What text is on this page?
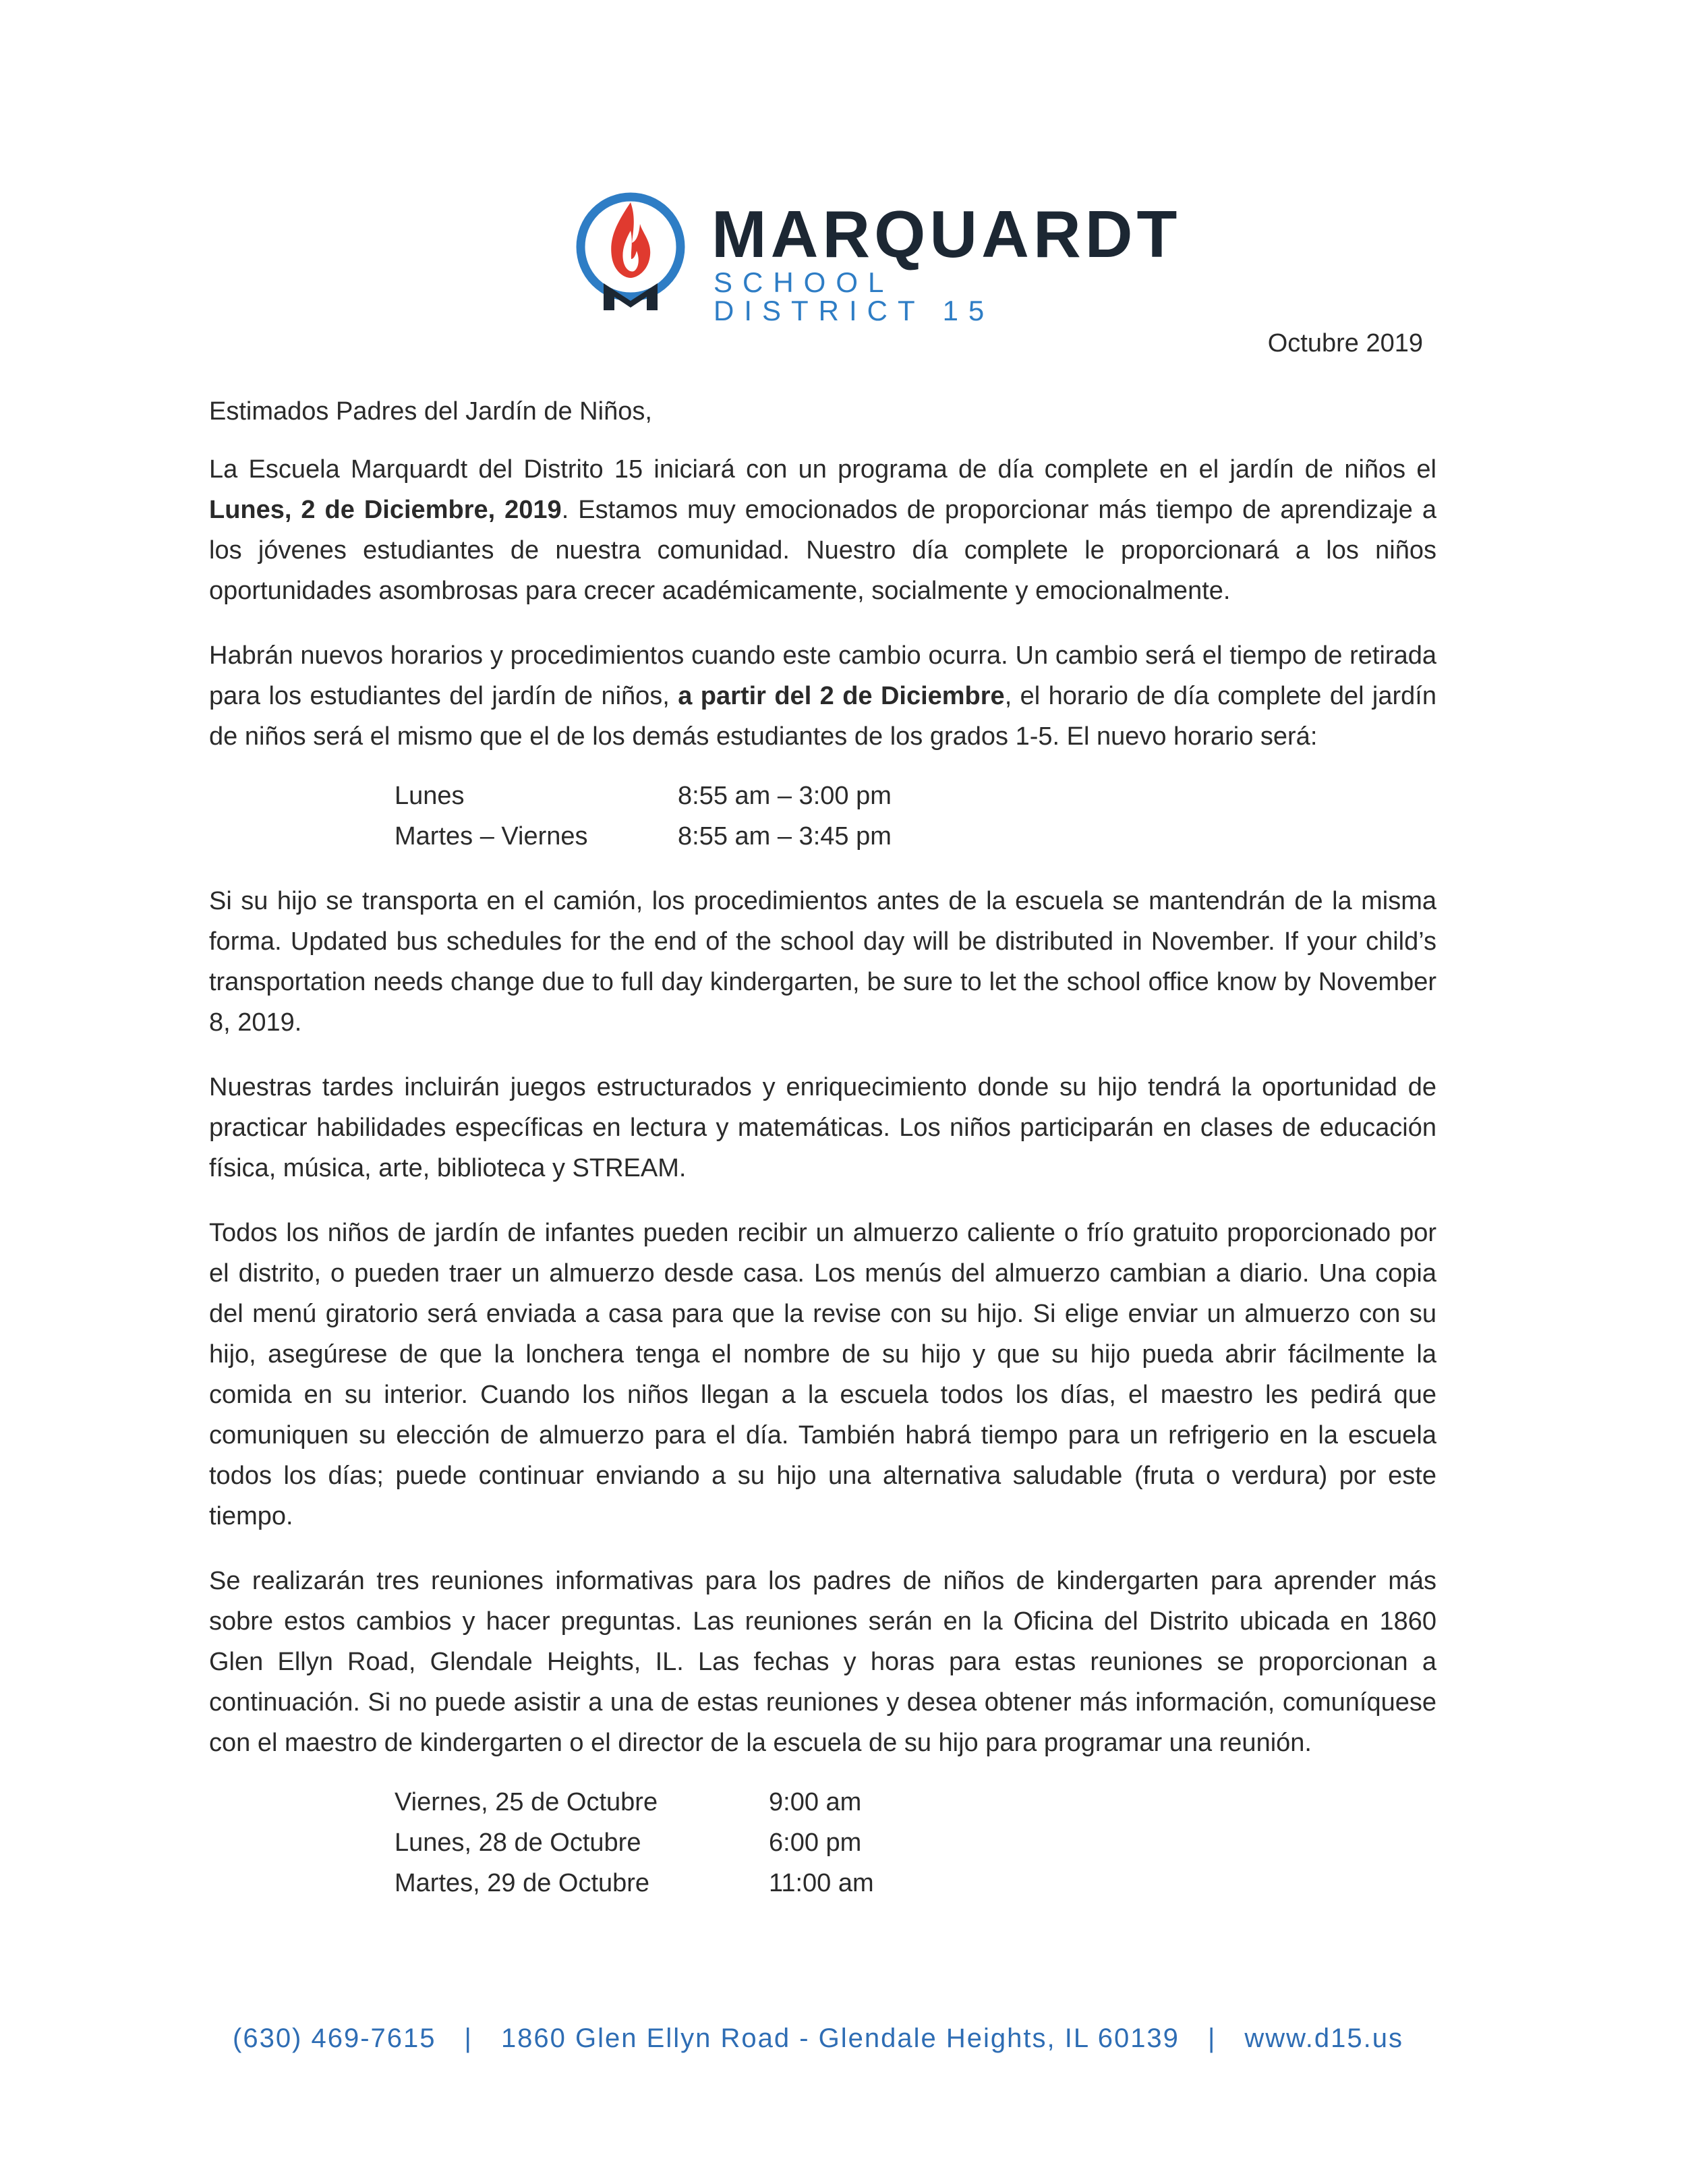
MARQUARDT
SCHOOL DISTRICT 15
Octubre 2019

Estimados Padres del Jardín de Niños,

La Escuela Marquardt del Distrito 15 iniciará con un programa de día complete en el jardín de niños el Lunes, 2 de Diciembre, 2019. Estamos muy emocionados de proporcionar más tiempo de aprendizaje a los jóvenes estudiantes de nuestra comunidad. Nuestro día complete le proporcionará a los niños oportunidades asombrosas para crecer académicamente, socialmente y emocionalmente.

Habrán nuevos horarios y procedimientos cuando este cambio ocurra. Un cambio será el tiempo de retirada para los estudiantes del jardín de niños, a partir del 2 de Diciembre, el horario de día complete del jardín de niños será el mismo que el de los demás estudiantes de los grados 1-5. El nuevo horario será:

Lunes	8:55 am – 3:00 pm
Martes – Viernes	8:55 am – 3:45 pm

Si su hijo se transporta en el camión, los procedimientos antes de la escuela se mantendrán de la misma forma. Updated bus schedules for the end of the school day will be distributed in November. If your child’s transportation needs change due to full day kindergarten, be sure to let the school office know by November 8, 2019.

Nuestras tardes incluirán juegos estructurados y enriquecimiento donde su hijo tendrá la oportunidad de practicar habilidades específicas en lectura y matemáticas. Los niños participarán en clases de educación física, música, arte, biblioteca y STREAM.

Todos los niños de jardín de infantes pueden recibir un almuerzo caliente o frío gratuito proporcionado por el distrito, o pueden traer un almuerzo desde casa. Los menús del almuerzo cambian a diario. Una copia del menú giratorio será enviada a casa para que la revise con su hijo. Si elige enviar un almuerzo con su hijo, asegúrese de que la lonchera tenga el nombre de su hijo y que su hijo pueda abrir fácilmente la comida en su interior. Cuando los niños llegan a la escuela todos los días, el maestro les pedirá que comuniquen su elección de almuerzo para el día. También habrá tiempo para un refrigerio en la escuela todos los días; puede continuar enviando a su hijo una alternativa saludable (fruta o verdura) por este tiempo.

Se realizarán tres reuniones informativas para los padres de niños de kindergarten para aprender más sobre estos cambios y hacer preguntas. Las reuniones serán en la Oficina del Distrito ubicada en 1860 Glen Ellyn Road, Glendale Heights, IL. Las fechas y horas para estas reuniones se proporcionan a continuación. Si no puede asistir a una de estas reuniones y desea obtener más información, comuníquese con el maestro de kindergarten o el director de la escuela de su hijo para programar una reunión.

Viernes, 25 de Octubre	9:00 am
Lunes, 28 de Octubre	6:00 pm
Martes, 29 de Octubre	11:00 am
(630) 469-7615 | 1860 Glen Ellyn Road - Glendale Heights, IL 60139 | www.d15.us
